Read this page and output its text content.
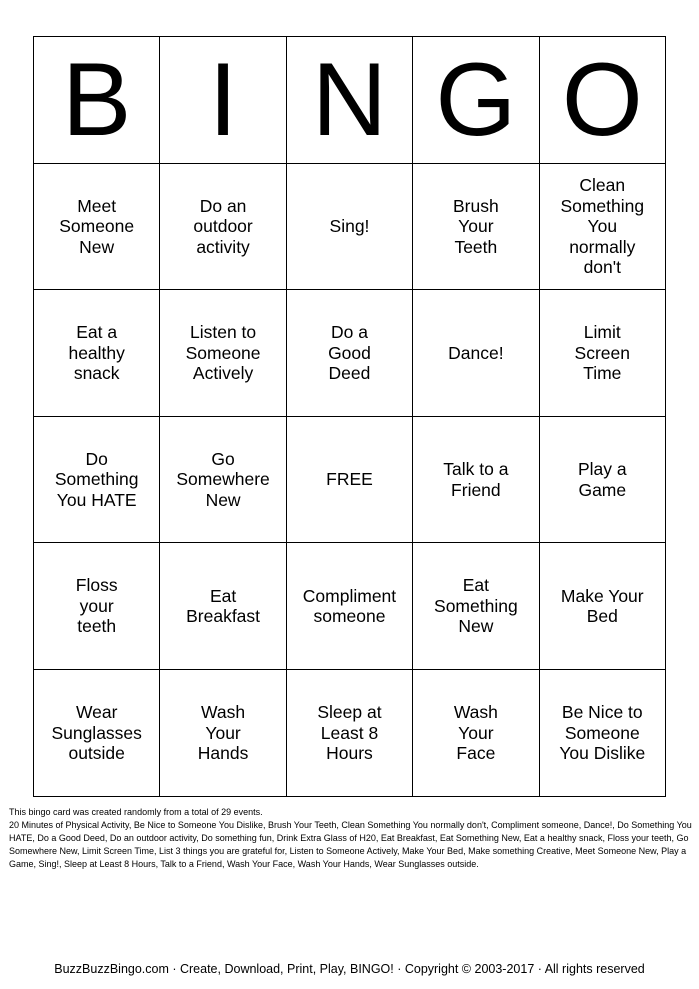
B	I	N	G	O

Meet Someone New	Do an outdoor activity	Sing!	Brush Your Teeth	Clean Something You normally don't

Eat a healthy snack	Listen to Someone Actively	Do a Good Deed	Dance!	Limit Screen Time

Do Something You HATE	Go Somewhere New	FREE	Talk to a Friend	Play a Game

Floss your teeth	Eat Breakfast	Compliment someone	Eat Something New	Make Your Bed

Wear Sunglasses outside	Wash Your Hands	Sleep at Least 8 Hours	Wash Your Face	Be Nice to Someone You Dislike

This bingo card was created randomly from a total of 29 events.

20 Minutes of Physical Activity, Be Nice to Someone You Dislike, Brush Your Teeth, Clean Something You normally don't, Compliment someone, Dance!, Do Something You HATE, Do a Good Deed, Do an outdoor activity, Do something fun, Drink Extra Glass of H20, Eat Breakfast, Eat Something New, Eat a healthy snack, Floss your teeth, Go Somewhere New, Limit Screen Time, List 3 things you are grateful for, Listen to Someone Actively, Make Your Bed, Make something Creative, Meet Someone New, Play a Game, Sing!, Sleep at Least 8 Hours, Talk to a Friend, Wash Your Face, Wash Your Hands, Wear Sunglasses outside.

BuzzBuzzBingo.com · Create, Download, Print, Play, BINGO! · Copyright © 2003-2017 · All rights reserved
